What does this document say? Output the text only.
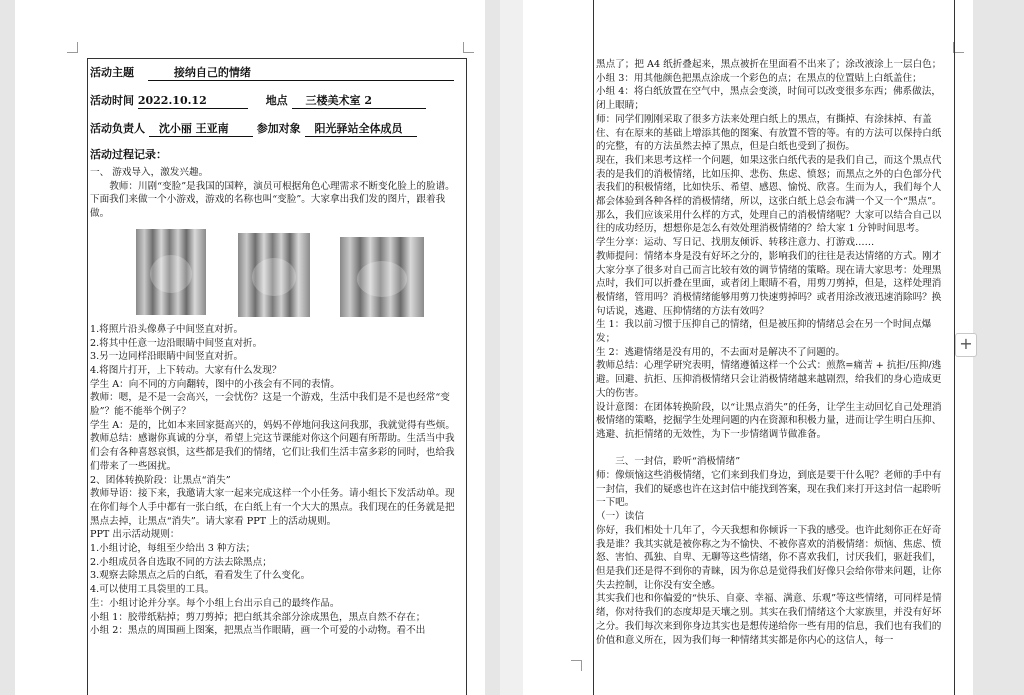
活动主题	接纳自己的情绪
活动时间 2022.10.12	地点 三楼美术室 2
活动负责人 沈小丽 王亚南	参加对象 阳光驿站全体成员
活动过程记录：

一、 游戏导入，激发兴趣。

教师：川剧“变脸”是我国的国粹，演员可根据角色心理需求不断变化脸上的脸谱。下面我们来做一个小游戏，游戏的名称也叫“变脸”。大家拿出我们发的图片，跟着我做。

1.将照片沿头像鼻子中间竖直对折。

2.将其中任意一边沿眼睛中间竖直对折。

3.另一边同样沿眼睛中间竖直对折。

4.将图片打开，上下转动。大家有什么发现？

学生 A：向不同的方向翻转，图中的小孩会有不同的表情。

教师：嗯，是不是一会高兴，一会忧伤？这是一个游戏，生活中我们是不是也经常“变脸”？能不能举个例子？

学生 A：是的，比如本来回家挺高兴的，妈妈不停地问我这问我那，我就觉得有些烦。

教师总结：感谢你真诚的分享，希望上完这节课能对你这个问题有所帮助。生活当中我们会有各种喜怒哀惧，这些都是我们的情绪，它们让我们生活丰富多彩的同时，也给我们带来了一些困扰。

2、团体转换阶段：让黑点“消失”

教师导语：接下来，我邀请大家一起来完成这样一个小任务。请小组长下发活动单。现在你们每个人手中都有一张白纸，在白纸上有一个大大的黑点。我们现在的任务就是把黑点去掉，让黑点“消失”。请大家看 PPT 上的活动规则。

PPT 出示活动规则：

1.小组讨论，每组至少给出 3 种方法；

2.小组成员各自选取不同的方法去除黑点；

3.观察去除黑点之后的白纸，看看发生了什么变化。

4.可以使用工具袋里的工具。

生：小组讨论并分享。每个小组上台出示自己的最终作品。

小组 1：胶带纸粘掉；剪刀剪掉；把白纸其余部分涂成黑色，黑点自然不存在；

小组 2：黑点的周围画上图案，把黑点当作眼睛，画一个可爱的小动物。看不出

黑点了；把 A4 纸折叠起来，黑点被折在里面看不出来了；涂改液涂上一层白色；

小组 3：用其他颜色把黑点涂成一个彩色的点；在黑点的位置贴上白纸盖住；

小组 4：将白纸放置在空气中，黑点会变淡，时间可以改变很多东西；佛系做法，闭上眼睛；

师：同学们刚刚采取了很多方法来处理白纸上的黑点，有撕掉、有涂抹掉、有盖住、有在原来的基础上增添其他的图案、有放置不管的等。有的方法可以保持白纸的完整，有的方法虽然去掉了黑点，但是白纸也受到了损伤。

现在，我们来思考这样一个问题，如果这张白纸代表的是我们自己，而这个黑点代表的是我们的消极情绪，比如压抑、悲伤、焦虑、愤怒；而黑点之外的白色部分代表我们的积极情绪，比如快乐、希望、感恩、愉悦、欣喜。生而为人，我们每个人都会体验到各种各样的消极情绪，所以，这张白纸上总会布满一个又一个“黑点”。那么，我们应该采用什么样的方式，处理自己的消极情绪呢？大家可以结合自己以往的成功经历，想想你是怎么有效处理消极情绪的？给大家 1 分钟时间思考。

学生分享：运动、写日记、找朋友倾诉、转移注意力、打游戏……

教师提问：情绪本身是没有好坏之分的，影响我们的往往是表达情绪的方式。刚才大家分享了很多对自己而言比较有效的调节情绪的策略。现在请大家思考：处理黑点时，我们可以折叠在里面，或者闭上眼睛不看，用剪刀剪掉，但是，这样处理消极情绪，管用吗？消极情绪能够用剪刀快速剪掉吗？或者用涂改液迅速消除吗？换句话说，逃避、压抑情绪的方法有效吗？

生 1：我以前习惯于压抑自己的情绪，但是被压抑的情绪总会在另一个时间点爆发；

生 2：逃避情绪是没有用的，不去面对是解决不了问题的。

教师总结：心理学研究表明，情绪遵循这样一个公式：煎熬=痛苦 + 抗拒/压抑/逃避。回避、抗拒、压抑消极情绪只会让消极情绪越来越剧烈，给我们的身心造成更大的伤害。

设计意图：在团体转换阶段，以“让黑点消失”的任务，让学生主动回忆自己处理消极情绪的策略，挖掘学生处理问题的内在资源和积极力量，进而让学生明白压抑、逃避、抗拒情绪的无效性，为下一步情绪调节做准备。

三、一封信，聆听“消极情绪”

师：像烦恼这些消极情绪，它们来到我们身边，到底是要干什么呢？老师的手中有一封信，我们的疑惑也许在这封信中能找到答案，现在我们来打开这封信一起聆听一下吧。

（一）读信

你好，我们相处十几年了，今天我想和你倾诉一下我的感受。也许此刻你正在好奇我是谁？我其实就是被你称之为不愉快、不被你喜欢的消极情绪：烦恼、焦虑、愤怒、害怕、孤独、自卑、无聊等这些情绪，你不喜欢我们，讨厌我们，驱赶我们，但是我们还是得不到你的青睐，因为你总是觉得我们好像只会给你带来问题，让你失去控制，让你没有安全感。

其实我们也和你偏爱的“快乐、自豪、幸福、满意、乐观”等这些情绪，可同样是情绪，你对待我们的态度却是天壤之别。其实在我们情绪这个大家族里，并没有好坏之分。我们每次来到你身边其实也是想传递给你一些有用的信息，我们也有我们的价值和意义所在，因为我们每一种情绪其实都是你内心的这信人，每一

+
